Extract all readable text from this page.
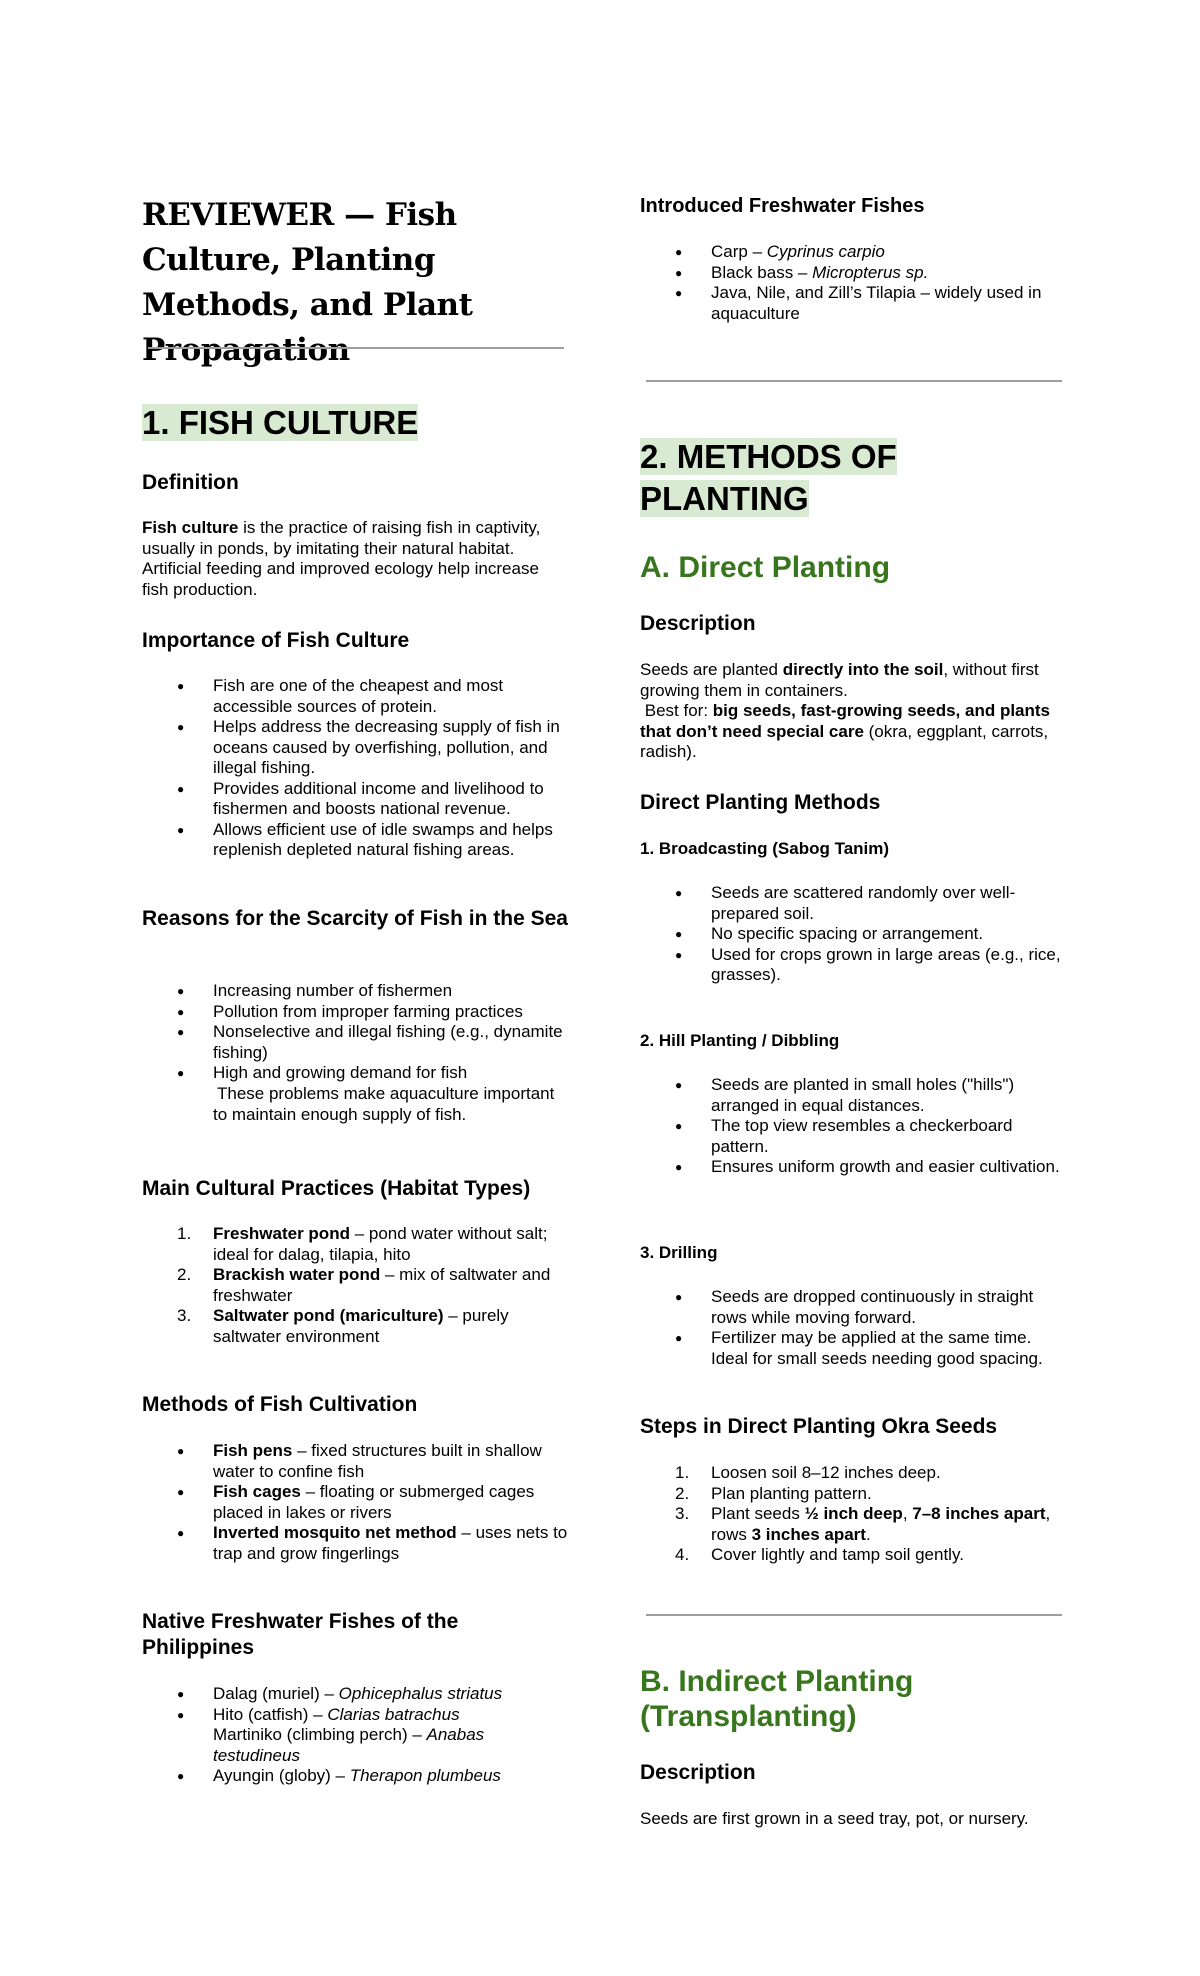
REVIEWER — Fish Culture, Planting Methods, and Plant Propagation
1. FISH CULTURE
Definition

Fish culture is the practice of raising fish in captivity, usually in ponds, by imitating their natural habitat. Artificial feeding and improved ecology help increase fish production.

Importance of Fish Culture
● Fish are one of the cheapest and most accessible sources of protein.
● Helps address the decreasing supply of fish in oceans caused by overfishing, pollution, and illegal fishing.
● Provides additional income and livelihood to fishermen and boosts national revenue.
● Allows efficient use of idle swamps and helps replenish depleted natural fishing areas.
Reasons for the Scarcity of Fish in the Sea
● Increasing number of fishermen
● Pollution from improper farming practices
● Nonselective and illegal fishing (e.g., dynamite fishing)
● High and growing demand for fish

These problems make aquaculture important to maintain enough supply of fish.

Main Cultural Practices (Habitat Types)
1. Freshwater pond – pond water without salt; ideal for dalag, tilapia, hito
2. Brackish water pond – mix of saltwater and freshwater
3. Saltwater pond (mariculture) – purely saltwater environment
Methods of Fish Cultivation
● Fish pens – fixed structures built in shallow water to confine fish
● Fish cages – floating or submerged cages placed in lakes or rivers
● Inverted mosquito net method – uses nets to trap and grow fingerlings
Native Freshwater Fishes of the Philippines
● Dalag (muriel) – Ophicephalus striatus
● Hito (catfish) – Clarias batrachus
Martiniko (climbing perch) – Anabas testudineus
● Ayungin (globy) – Therapon plumbeus
Introduced Freshwater Fishes
● Carp – Cyprinus carpio
● Black bass – Micropterus sp.
● Java, Nile, and Zill’s Tilapia – widely used in aquaculture
2. METHODS OF PLANTING
A. Direct Planting
Description

Seeds are planted directly into the soil, without first growing them in containers.
Best for: big seeds, fast-growing seeds, and plants that don’t need special care (okra, eggplant, carrots, radish).

Direct Planting Methods
1. Broadcasting (Sabog Tanim)
● Seeds are scattered randomly over well-prepared soil.
● No specific spacing or arrangement.
● Used for crops grown in large areas (e.g., rice, grasses).
2. Hill Planting / Dibbling
● Seeds are planted in small holes ("hills") arranged in equal distances.
● The top view resembles a checkerboard pattern.
● Ensures uniform growth and easier cultivation.
3. Drilling
● Seeds are dropped continuously in straight rows while moving forward.
● Fertilizer may be applied at the same time.

Ideal for small seeds needing good spacing.

Steps in Direct Planting Okra Seeds
1. Loosen soil 8–12 inches deep.
2. Plan planting pattern.
3. Plant seeds ½ inch deep, 7–8 inches apart, rows 3 inches apart.
4. Cover lightly and tamp soil gently.
B. Indirect Planting (Transplanting)
Description

Seeds are first grown in a seed tray, pot, or nursery.
